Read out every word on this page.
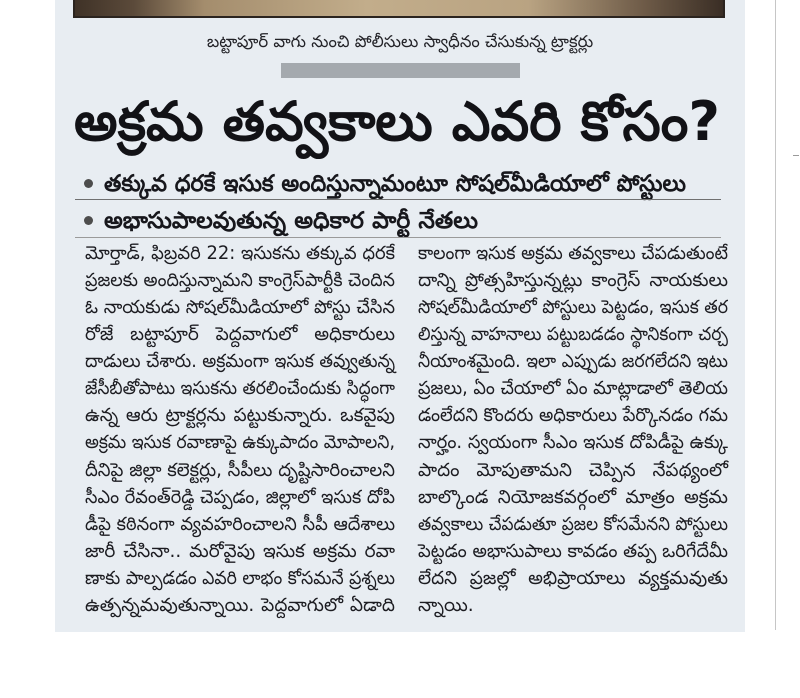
బట్టాపూర్ వాగు నుంచి పోలీసులు స్వాధీనం చేసుకున్న ట్రాక్టర్లు
అక్రమ తవ్వకాలు ఎవరి కోసం?
తక్కువ ధరకే ఇసుక అందిస్తున్నామంటూ సోషల్‌మీడియాలో పోస్టులు
అభాసుపాలవుతున్న అధికార పార్టీ నేతలు
మోర్తాడ్, ఫిబ్రవరి 22: ఇసుకను తక్కువ ధరకే
ప్రజలకు అందిస్తున్నామని కాంగ్రెస్‌పార్టీకి చెందిన
ఓ నాయకుడు సోషల్‌మీడియాలో పోస్టు చేసిన
రోజే బట్టాపూర్ పెద్దవాగులో అధికారులు
దాడులు చేశారు. అక్రమంగా ఇసుక తవ్వుతున్న
జేసీబీతోపాటు ఇసుకను తరలించేందుకు సిద్ధంగా
ఉన్న ఆరు ట్రాక్టర్లను పట్టుకున్నారు. ఒకవైపు
అక్రమ ఇసుక రవాణాపై ఉక్కుపాదం మోపాలని,
దీనిపై జిల్లా కలెక్టర్లు, సీపీలు దృష్టిసారించాలని
సీఎం రేవంత్‌రెడ్డి చెప్పడం, జిల్లాలో ఇసుక దోపి
డీపై కఠినంగా వ్యవహరించాలని సీపీ ఆదేశాలు
జారీ చేసినా.. మరోవైపు ఇసుక అక్రమ రవా
ణాకు పాల్పడడం ఎవరి లాభం కోసమనే ప్రశ్నలు
ఉత్పన్నమవుతున్నాయి. పెద్దవాగులో ఏడాది
కాలంగా ఇసుక అక్రమ తవ్వకాలు చేపడుతుంటే
దాన్ని ప్రోత్సహిస్తున్నట్లు కాంగ్రెస్ నాయకులు
సోషల్‌మీడియాలో పోస్టులు పెట్టడం, ఇసుక తర
లిస్తున్న వాహనాలు పట్టుబడడం స్థానికంగా చర్చ
నీయాంశమైంది. ఇలా ఎప్పుడు జరగలేదని ఇటు
ప్రజలు, ఏం చేయాలో ఏం మాట్లాడాలో తెలియ
డంలేదని కొందరు అధికారులు పేర్కొనడం గమ
నార్హం. స్వయంగా సీఎం ఇసుక దోపిడీపై ఉక్కు
పాదం మోపుతామని చెప్పిన నేపథ్యంలో
బాల్కొండ నియోజకవర్గంలో మాత్రం అక్రమ
తవ్వకాలు చేపడుతూ ప్రజల కోసమేనని పోస్టులు
పెట్టడం అభాసుపాలు కావడం తప్ప ఒరిగేదేమీ
లేదని ప్రజల్లో అభిప్రాయాలు వ్యక్తమవుతు
న్నాయి.
